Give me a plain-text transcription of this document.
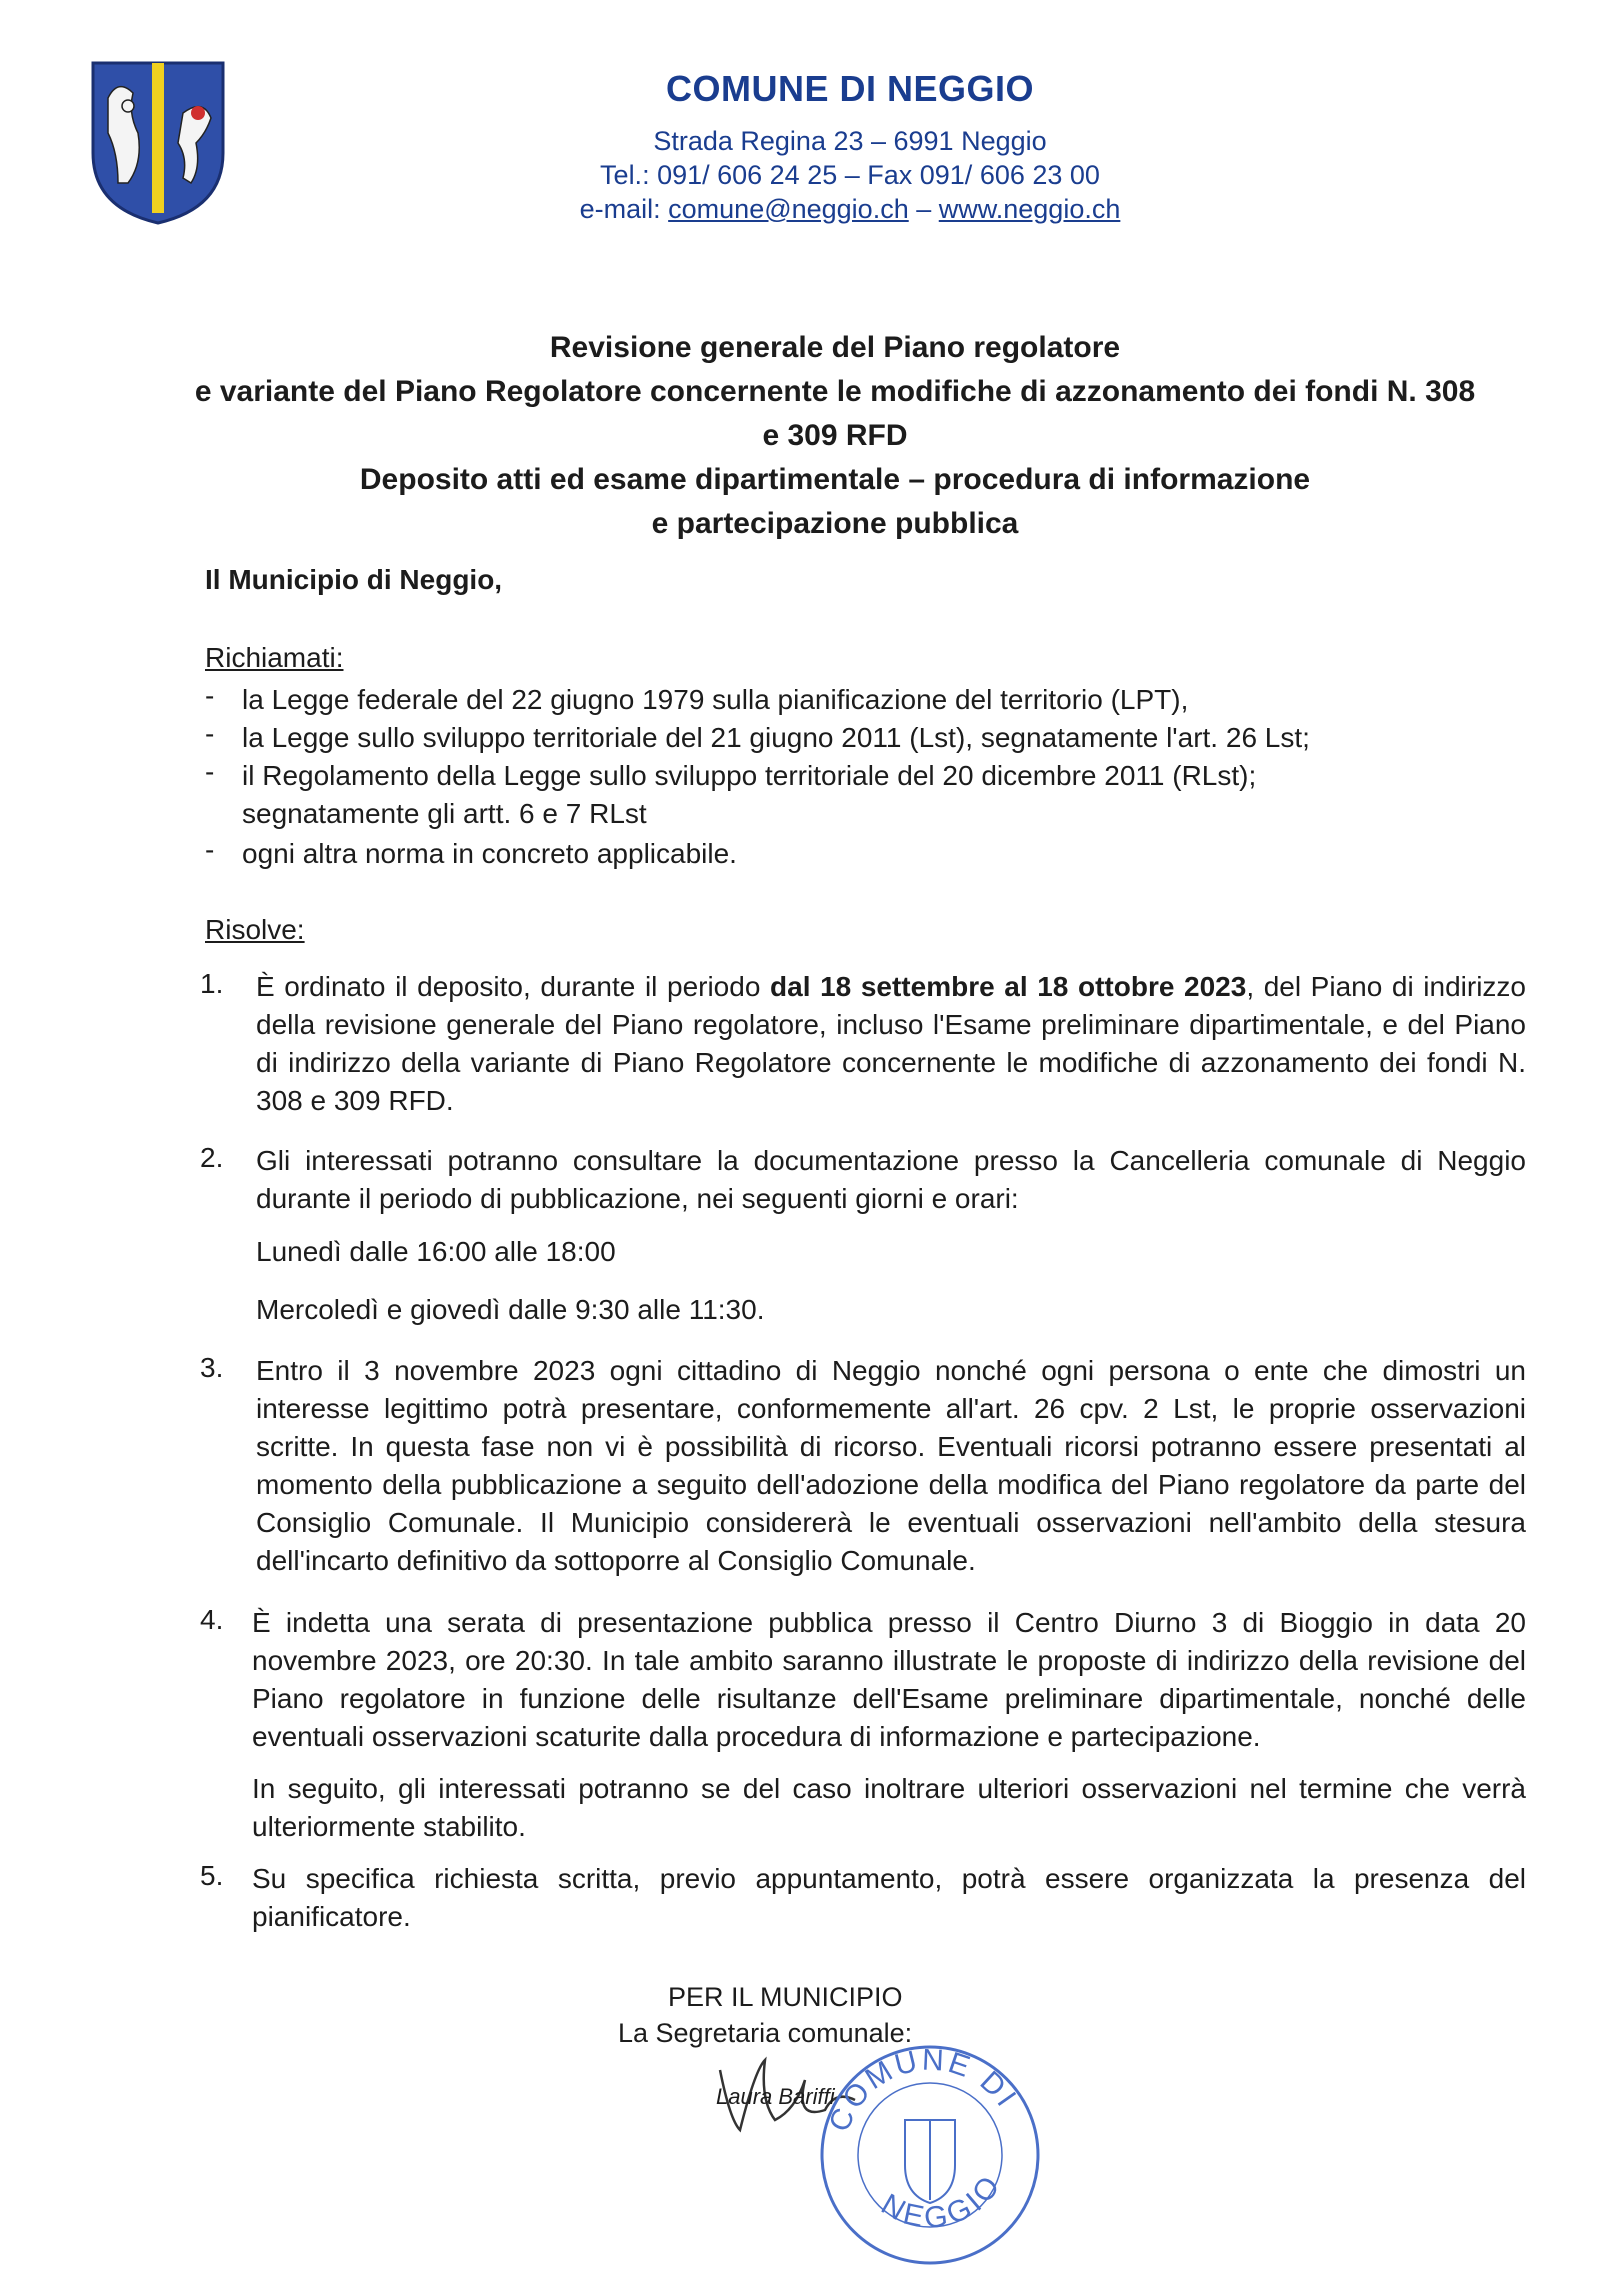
COMUNE DI NEGGIO
Strada Regina 23 – 6991 Neggio
Tel.: 091/ 606 24 25 – Fax 091/ 606 23 00
e-mail: comune@neggio.ch – www.neggio.ch
Revisione generale del Piano regolatore
e variante del Piano Regolatore concernente le modifiche di azzonamento dei fondi N. 308
e 309 RFD
Deposito atti ed esame dipartimentale – procedura di informazione
e partecipazione pubblica
Il Municipio di Neggio,
Richiamati:
- la Legge federale del 22 giugno 1979 sulla pianificazione del territorio (LPT),
- la Legge sullo sviluppo territoriale del 21 giugno 2011 (Lst), segnatamente l'art. 26 Lst;
- il Regolamento della Legge sullo sviluppo territoriale del 20 dicembre 2011 (RLst);
segnatamente gli artt. 6 e 7 RLst
- ogni altra norma in concreto applicabile.
Risolve:
1. È ordinato il deposito, durante il periodo dal 18 settembre al 18 ottobre 2023, del Piano di indirizzo della revisione generale del Piano regolatore, incluso l'Esame preliminare dipartimentale, e del Piano di indirizzo della variante di Piano Regolatore concernente le modifiche di azzonamento dei fondi N. 308 e 309 RFD.
2. Gli interessati potranno consultare la documentazione presso la Cancelleria comunale di Neggio durante il periodo di pubblicazione, nei seguenti giorni e orari:
Lunedì dalle 16:00 alle 18:00
Mercoledì e giovedì dalle 9:30 alle 11:30.
3. Entro il 3 novembre 2023 ogni cittadino di Neggio nonché ogni persona o ente che dimostri un interesse legittimo potrà presentare, conformemente all'art. 26 cpv. 2 Lst, le proprie osservazioni scritte. In questa fase non vi è possibilità di ricorso. Eventuali ricorsi potranno essere presentati al momento della pubblicazione a seguito dell'adozione della modifica del Piano regolatore da parte del Consiglio Comunale. Il Municipio considererà le eventuali osservazioni nell'ambito della stesura dell'incarto definitivo da sottoporre al Consiglio Comunale.
4. È indetta una serata di presentazione pubblica presso il Centro Diurno 3 di Bioggio in data 20 novembre 2023, ore 20:30. In tale ambito saranno illustrate le proposte di indirizzo della revisione del Piano regolatore in funzione delle risultanze dell'Esame preliminare dipartimentale, nonché delle eventuali osservazioni scaturite dalla procedura di informazione e partecipazione.
In seguito, gli interessati potranno se del caso inoltrare ulteriori osservazioni nel termine che verrà ulteriormente stabilito.
5. Su specifica richiesta scritta, previo appuntamento, potrà essere organizzata la presenza del pianificatore.
PER IL MUNICIPIO
La Segretaria comunale:
Laura Bariffi
COMUNE DI
NEGGIO
